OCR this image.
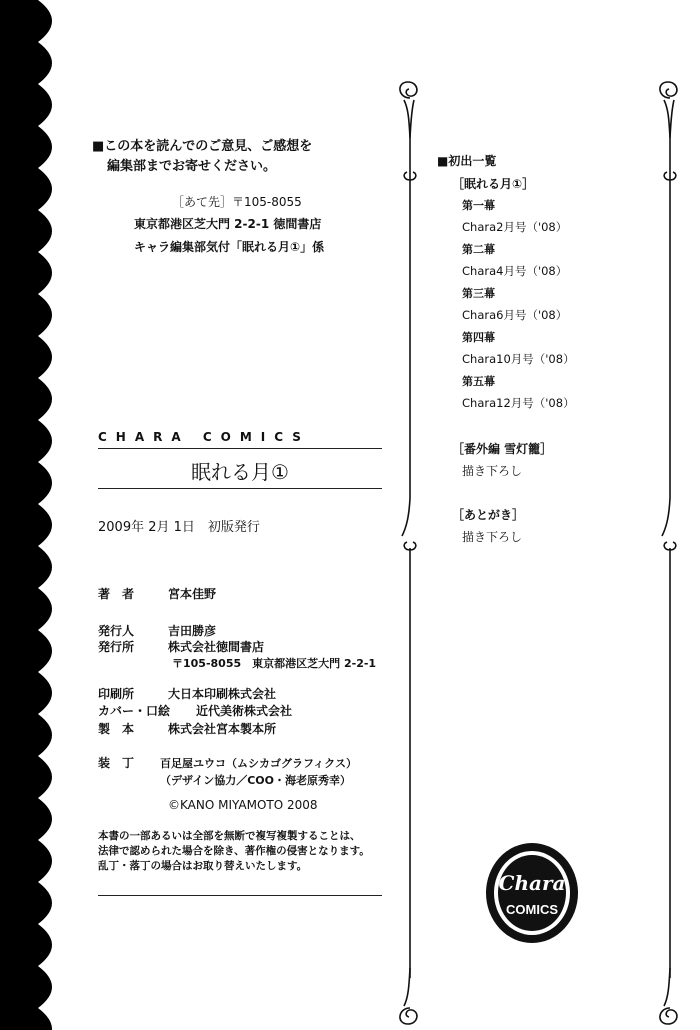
■この本を読んでのご意見、ご感想を
編集部までお寄せください。
［あて先］〒105-8055
東京都港区芝大門 2-2-1 徳間書店
キャラ編集部気付「眠れる月①」係
CHARA COMICS
眠れる月①
2009年 2月 1日　初版発行
著　者	宮本佳野
発行人	吉田勝彦
発行所	株式会社徳間書店
〒105-8055　東京都港区芝大門 2-2-1
印刷所	大日本印刷株式会社
カバー・口絵 近代美術株式会社
製　本	株式会社宮本製本所
装　丁 百足屋ユウコ（ムシカゴグラフィクス）
（デザイン協力／COO・海老原秀幸）
©KANO MIYAMOTO 2008
本書の一部あるいは全部を無断で複写複製することは、
法律で認められた場合を除き、著作権の侵害となります。
乱丁・落丁の場合はお取り替えいたします。
■初出一覧
［眠れる月①］
第一幕
Chara2月号（'08）
第二幕
Chara4月号（'08）
第三幕
Chara6月号（'08）
第四幕
Chara10月号（'08）
第五幕
Chara12月号（'08）
［番外編 雪灯籠］
描き下ろし
［あとがき］
描き下ろし
Chara
COMICS
